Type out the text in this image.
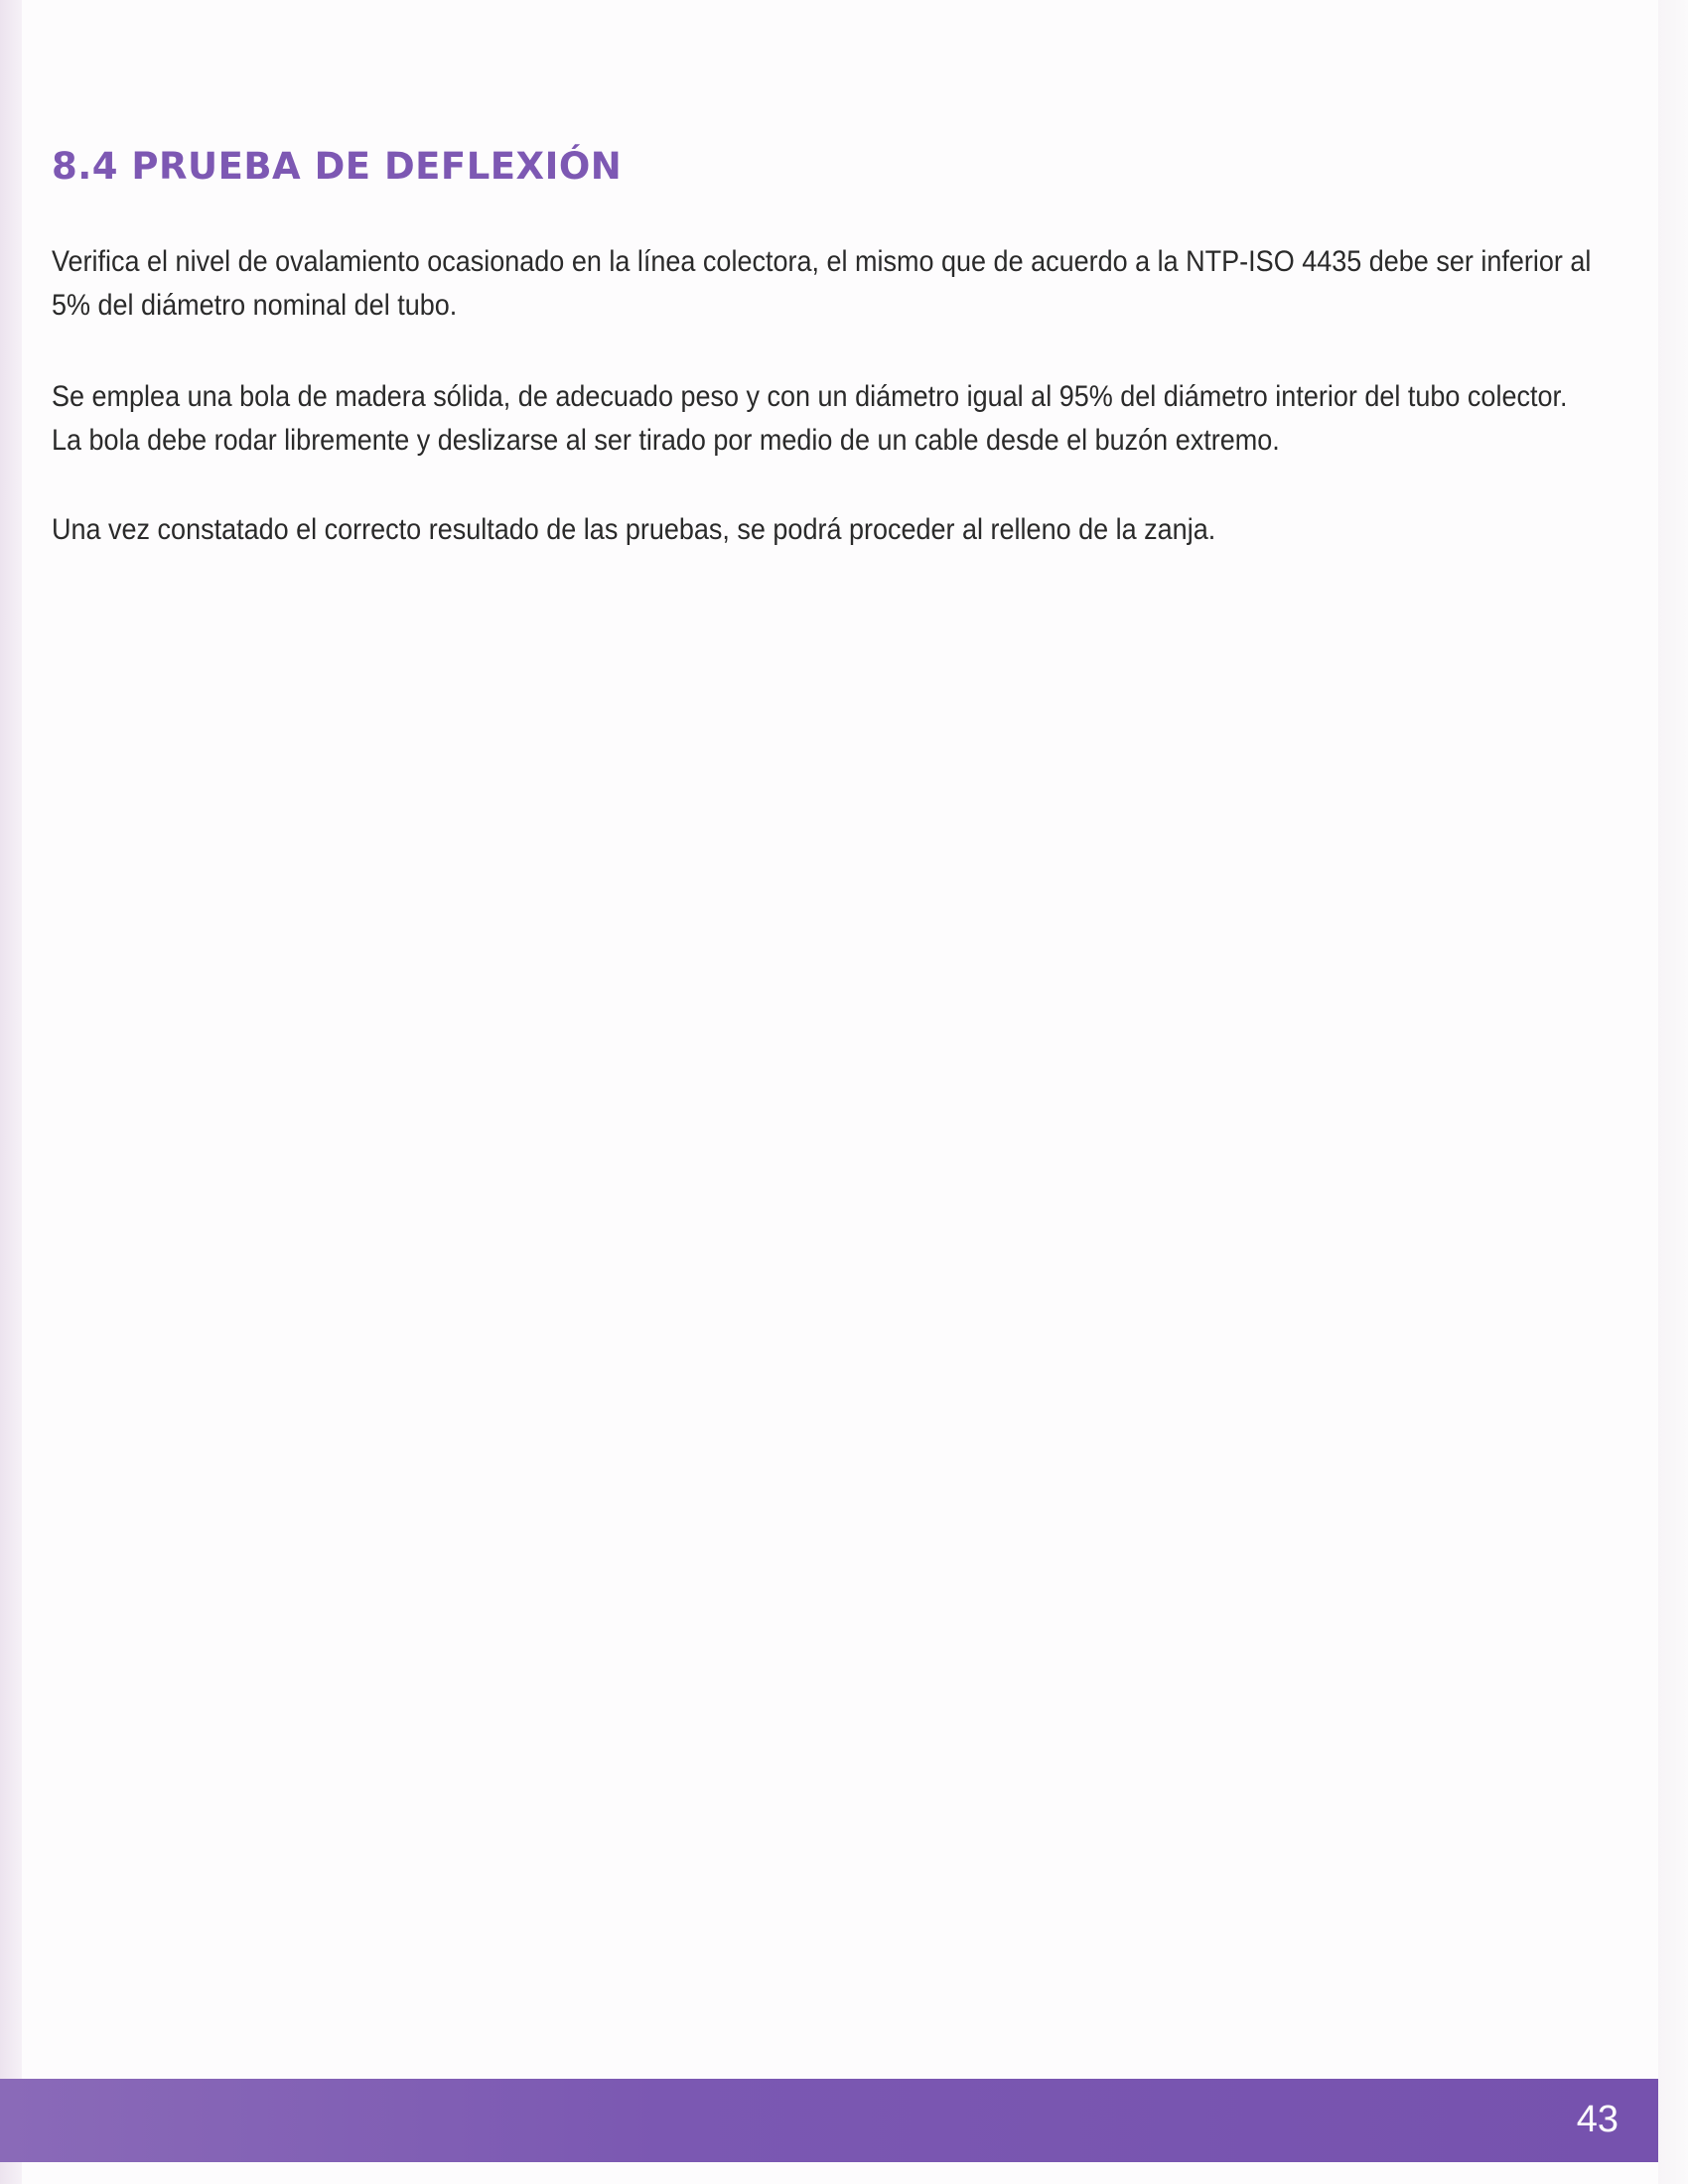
8.4 PRUEBA DE DEFLEXIÓN

Verifica el nivel de ovalamiento ocasionado en la línea colectora, el mismo que de acuerdo a la NTP-ISO 4435 debe ser inferior al 5% del diámetro nominal del tubo.

Se emplea una bola de madera sólida, de adecuado peso y con un diámetro igual al 95% del diámetro interior del tubo colector. La bola debe rodar libremente y deslizarse al ser tirado por medio de un cable desde el buzón extremo.

Una vez constatado el correcto resultado de las pruebas, se podrá proceder al relleno de la zanja.

43
